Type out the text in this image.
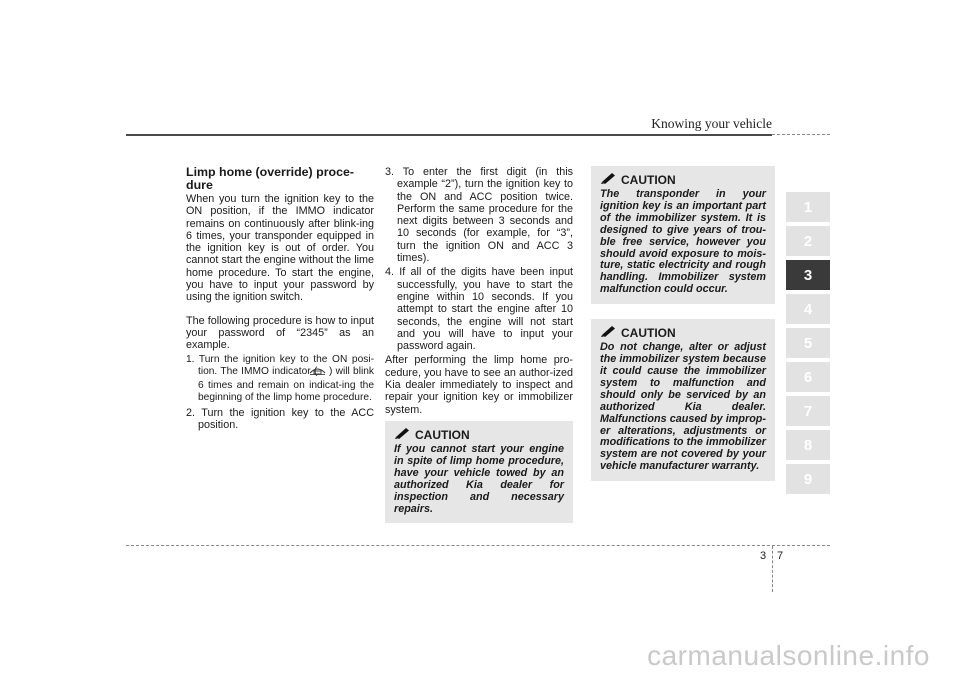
Knowing your vehicle
Limp home (override) proce-dure

When you turn the ignition key to the ON position, if the IMMO indicator remains on continuously after blink-ing 6 times, your transponder equipped in the ignition key is out of order. You cannot start the engine without the lime home procedure. To start the engine, you have to input your password by using the ignition switch.

The following procedure is how to input your password of “2345” as an example.

1. Turn the ignition key to the ON posi-tion. The IMMO indicator ( ) will blink 6 times and remain on indicat-ing the beginning of the limp home procedure.
2. Turn the ignition key to the ACC position.
3. To enter the first digit (in this example “2”), turn the ignition key to the ON and ACC position twice. Perform the same procedure for the next digits between 3 seconds and 10 seconds (for example, for “3”, turn the ignition ON and ACC 3 times).
4. If all of the digits have been input successfully, you have to start the engine within 10 seconds. If you attempt to start the engine after 10 seconds, the engine will not start and you will have to input your password again.

After performing the limp home pro-cedure, you have to see an author-ized Kia dealer immediately to inspect and repair your ignition key or immobilizer system.

CAUTION
If you cannot start your engine in spite of limp home procedure, have your vehicle towed by an authorized Kia dealer for inspection and necessary repairs.
CAUTION
The transponder in your ignition key is an important part of the immobilizer system. It is designed to give years of trou-ble free service, however you should avoid exposure to mois-ture, static electricity and rough handling. Immobilizer system malfunction could occur.
CAUTION
Do not change, alter or adjust the immobilizer system because it could cause the immobilizer system to malfunction and should only be serviced by an authorized Kia dealer. Malfunctions caused by improp-er alterations, adjustments or modifications to the immobilizer system are not covered by your vehicle manufacturer warranty.
1
2
3
4
5
6
7
8
9
3 7
carmanualsonline.info
